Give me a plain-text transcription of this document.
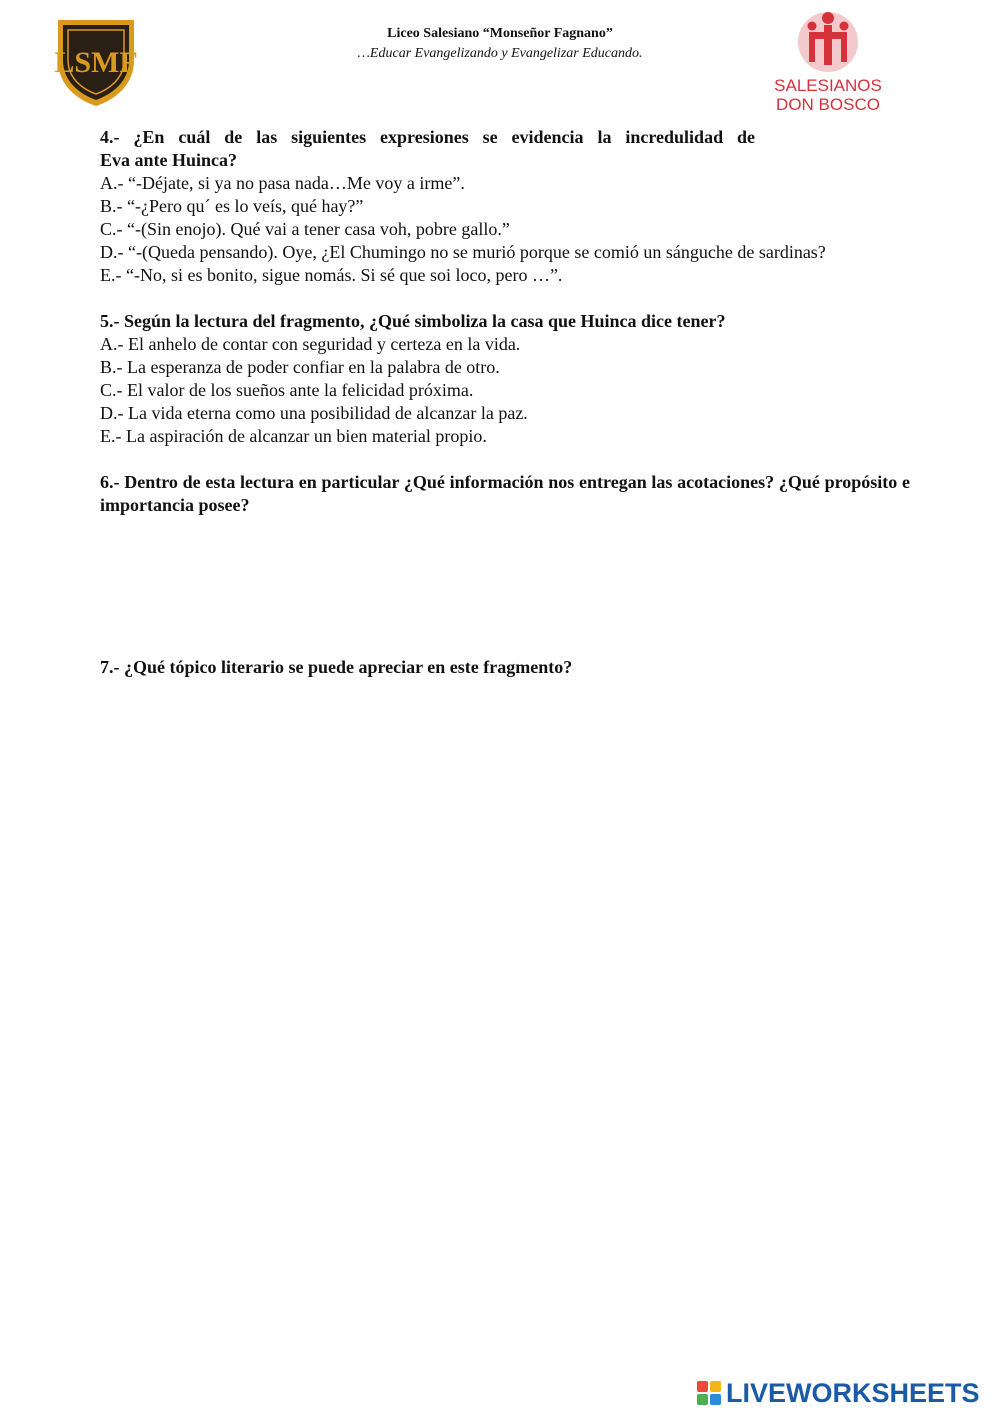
LSMF
Liceo Salesiano “Monseñor Fagnano”
…Educar Evangelizando y Evangelizar Educando.
SALESIANOS
DON BOSCO

4.- ¿En cuál de las siguientes expresiones se evidencia la incredulidad de

Eva ante Huinca?

A.- “-Déjate, si ya no pasa nada…Me voy a irme”.

B.- “-¿Pero qu´ es lo veís, qué hay?”

C.- “-(Sin enojo). Qué vai a tener casa voh, pobre gallo.”

D.- “-(Queda pensando). Oye, ¿El Chumingo no se murió porque se comió un sánguche de sardinas?

E.- “-No, si es bonito, sigue nomás. Si sé que soi loco, pero …”.

5.- Según la lectura del fragmento, ¿Qué simboliza la casa que Huinca dice tener?

A.- El anhelo de contar con seguridad y certeza en la vida.

B.- La esperanza de poder confiar en la palabra de otro.

C.- El valor de los sueños ante la felicidad próxima.

D.- La vida eterna como una posibilidad de alcanzar la paz.

E.- La aspiración de alcanzar un bien material propio.

6.- Dentro de esta lectura en particular ¿Qué información nos entregan las acotaciones? ¿Qué propósito e importancia posee?

7.- ¿Qué tópico literario se puede apreciar en este fragmento?

LIVEWORKSHEETS
